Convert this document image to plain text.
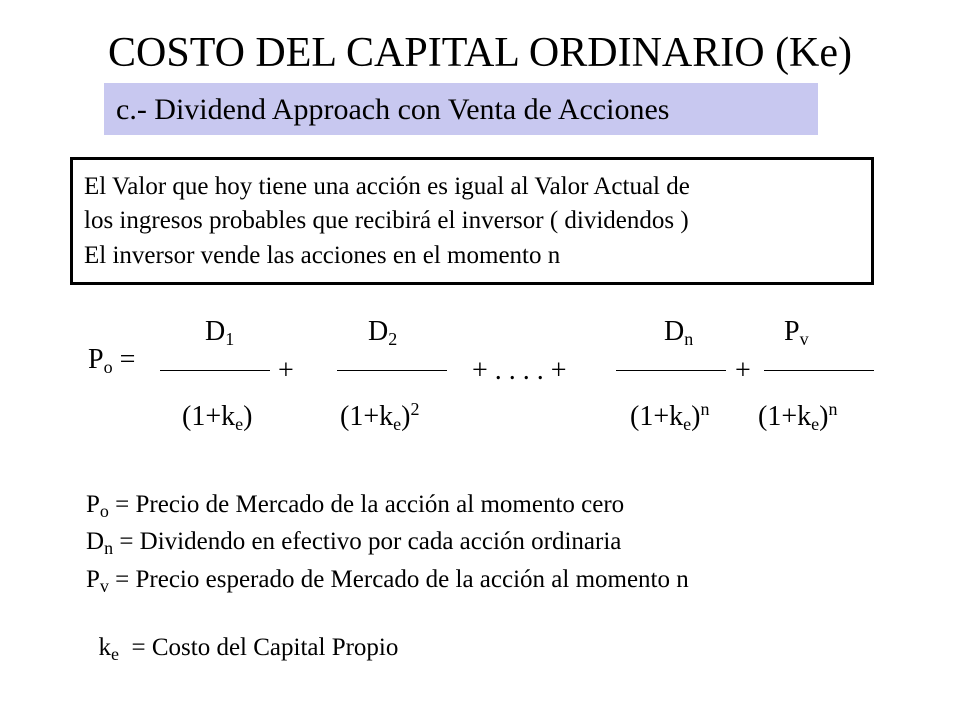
COSTO DEL CAPITAL ORDINARIO (Ke)
c.- Dividend Approach con Venta de Acciones
El Valor que hoy tiene una acción es igual al Valor Actual de
los ingresos probables que recibirá el inversor ( dividendos )
El inversor vende las acciones en el momento n
Po =
D1
(1+ke)
+
D2
$(1+ke)^2$
+ . . . . +
Dn
$(1+ke)^n$
+
Pv
$(1+ke)^n$
$P_o$ = Precio de Mercado de la acción al momento cero
$D_n$ = Dividendo en efectivo por cada acción ordinaria
$P_v$ = Precio esperado de Mercado de la acción al momento n

$k_e$  = Costo del Capital Propio
